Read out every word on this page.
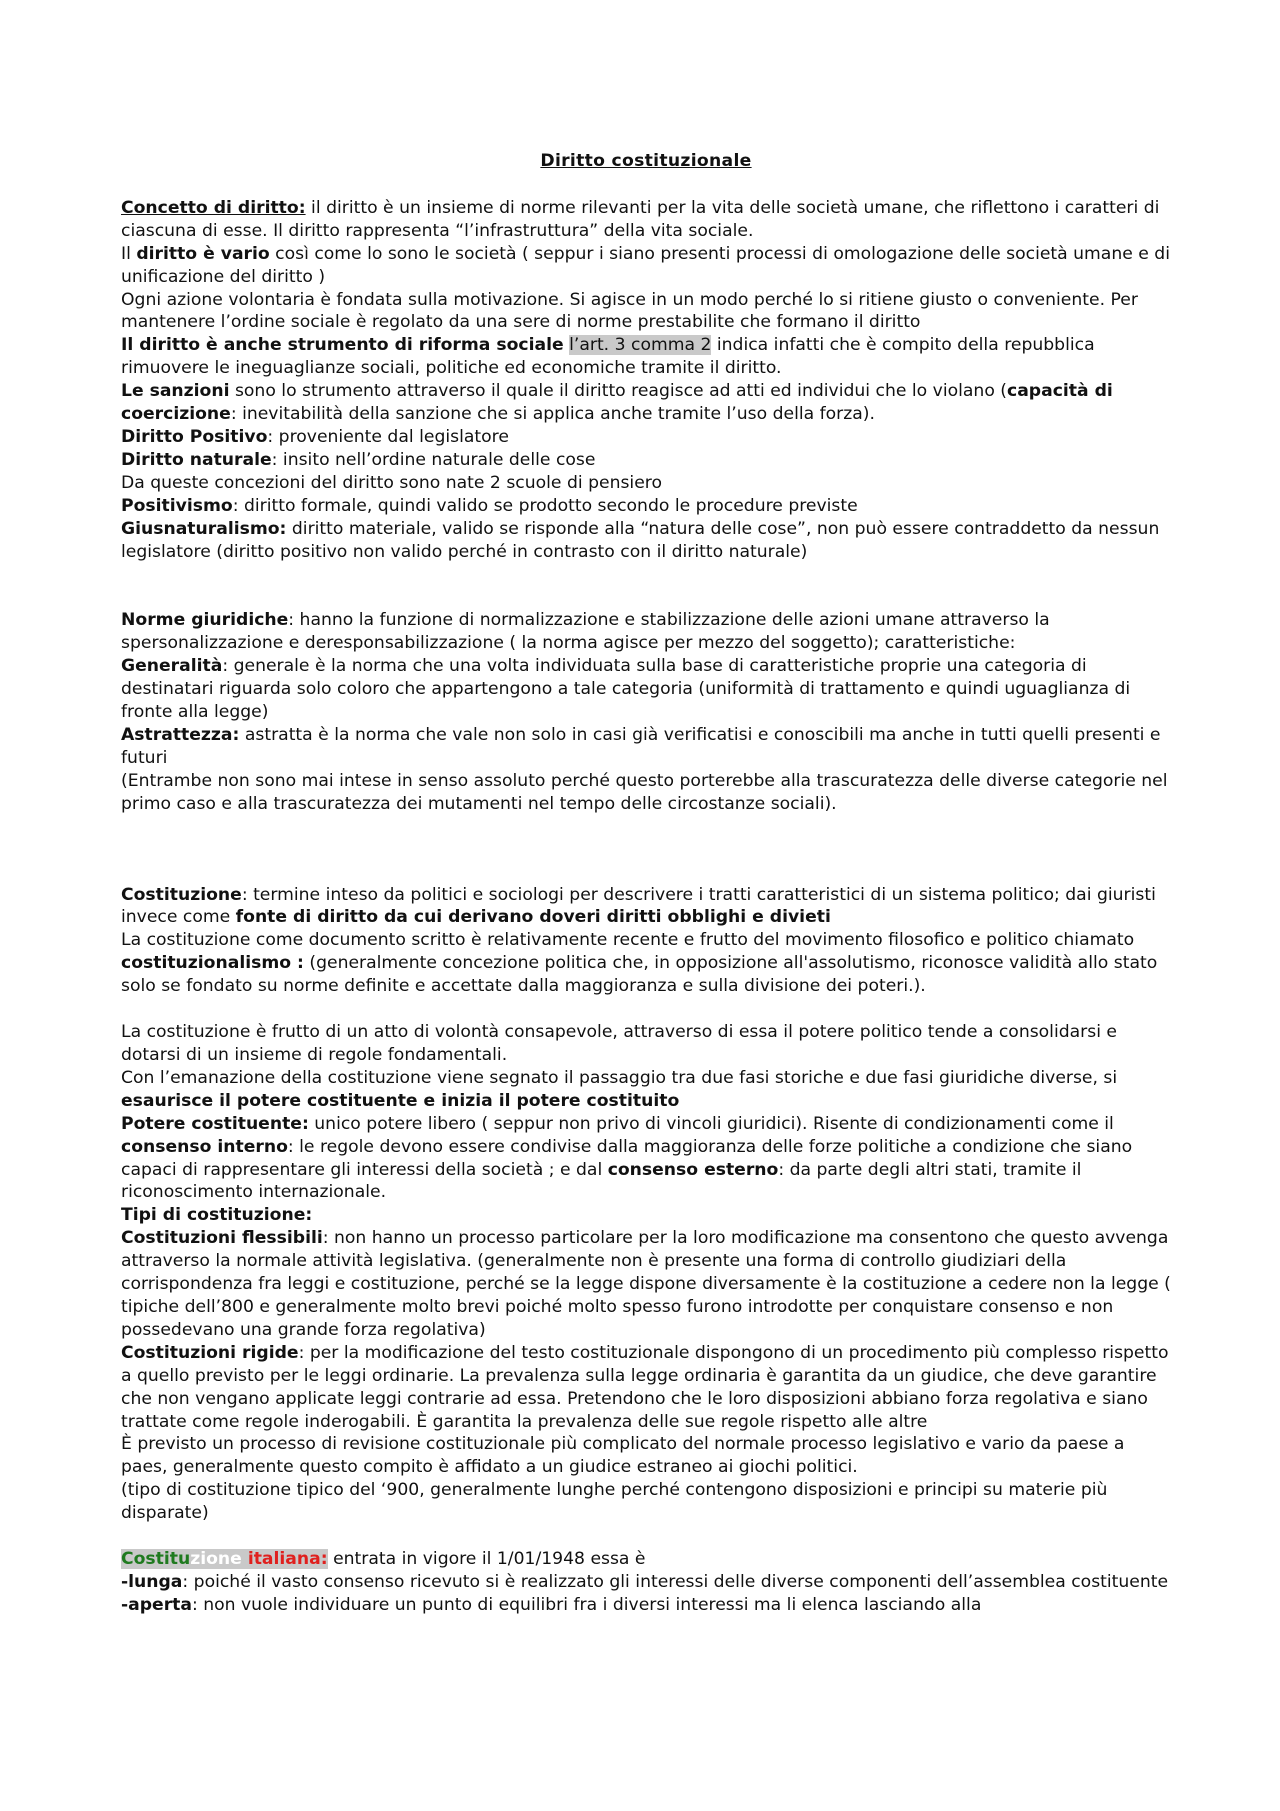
Diritto costituzionale

Concetto di diritto: il diritto è un insieme di norme rilevanti per la vita delle società umane, che riflettono i caratteri di ciascuna di esse. Il diritto rappresenta “l’infrastruttura” della vita sociale.

Il diritto è vario così come lo sono le società ( seppur i siano presenti processi di omologazione delle società umane e di unificazione del diritto )

Ogni azione volontaria è fondata sulla motivazione. Si agisce in un modo perché lo si ritiene giusto o conveniente. Per mantenere l’ordine sociale è regolato da una sere di norme prestabilite che formano il diritto

Il diritto è anche strumento di riforma sociale l’art. 3 comma 2 indica infatti che è compito della repubblica rimuovere le ineguaglianze sociali, politiche ed economiche tramite il diritto.

Le sanzioni sono lo strumento attraverso il quale il diritto reagisce ad atti ed individui che lo violano (capacità di coercizione: inevitabilità della sanzione che si applica anche tramite l’uso della forza).

Diritto Positivo: proveniente dal legislatore

Diritto naturale: insito nell’ordine naturale delle cose

Da queste concezioni del diritto sono nate 2 scuole di pensiero

Positivismo: diritto formale, quindi valido se prodotto secondo le procedure previste

Giusnaturalismo: diritto materiale, valido se risponde alla “natura delle cose”, non può essere contraddetto da nessun legislatore (diritto positivo non valido perché in contrasto con il diritto naturale)

Norme giuridiche: hanno la funzione di normalizzazione e stabilizzazione delle azioni umane attraverso la spersonalizzazione e deresponsabilizzazione ( la norma agisce per mezzo del soggetto); caratteristiche:

Generalità: generale è la norma che una volta individuata sulla base di caratteristiche proprie una categoria di destinatari riguarda solo coloro che appartengono a tale categoria (uniformità di trattamento e quindi uguaglianza di fronte alla legge)

Astrattezza: astratta è la norma che vale non solo in casi già verificatisi e conoscibili ma anche in tutti quelli presenti e futuri

(Entrambe non sono mai intese in senso assoluto perché questo porterebbe alla trascuratezza delle diverse categorie nel primo caso e alla trascuratezza dei mutamenti nel tempo delle circostanze sociali).

Costituzione: termine inteso da politici e sociologi per descrivere i tratti caratteristici di un sistema politico; dai giuristi invece come fonte di diritto da cui derivano doveri diritti obblighi e divieti

La costituzione come documento scritto è relativamente recente e frutto del movimento filosofico e politico chiamato costituzionalismo : (generalmente concezione politica che, in opposizione all'assolutismo, riconosce validità allo stato solo se fondato su norme definite e accettate dalla maggioranza e sulla divisione dei poteri.).

La costituzione è frutto di un atto di volontà consapevole, attraverso di essa il potere politico tende a consolidarsi e dotarsi di un insieme di regole fondamentali.

Con l’emanazione della costituzione viene segnato il passaggio tra due fasi storiche e due fasi giuridiche diverse, si esaurisce il potere costituente e inizia il potere costituito

Potere costituente: unico potere libero ( seppur non privo di vincoli giuridici). Risente di condizionamenti come il consenso interno: le regole devono essere condivise dalla maggioranza delle forze politiche a condizione che siano capaci di rappresentare gli interessi della società ; e dal consenso esterno: da parte degli altri stati, tramite il riconoscimento internazionale.

Tipi di costituzione:

Costituzioni flessibili: non hanno un processo particolare per la loro modificazione ma consentono che questo avvenga attraverso la normale attività legislativa. (generalmente non è presente una forma di controllo giudiziari della corrispondenza fra leggi e costituzione, perché se la legge dispone diversamente è la costituzione a cedere non la legge ( tipiche dell’800 e generalmente molto brevi poiché molto spesso furono introdotte per conquistare consenso e non possedevano una grande forza regolativa)

Costituzioni rigide: per la modificazione del testo costituzionale dispongono di un procedimento più complesso rispetto a quello previsto per le leggi ordinarie. La prevalenza sulla legge ordinaria è garantita da un giudice, che deve garantire che non vengano applicate leggi contrarie ad essa. Pretendono che le loro disposizioni abbiano forza regolativa e siano trattate come regole inderogabili. È garantita la prevalenza delle sue regole rispetto alle altre

È previsto un processo di revisione costituzionale più complicato del normale processo legislativo e vario da paese a paes, generalmente questo compito è affidato a un giudice estraneo ai giochi politici.

(tipo di costituzione tipico del ‘900, generalmente lunghe perché contengono disposizioni e principi su materie più disparate)

Costituzione italiana: entrata in vigore il 1/01/1948 essa è

-lunga: poiché il vasto consenso ricevuto si è realizzato gli interessi delle diverse componenti dell’assemblea costituente

-aperta: non vuole individuare un punto di equilibri fra i diversi interessi ma li elenca lasciando alla
